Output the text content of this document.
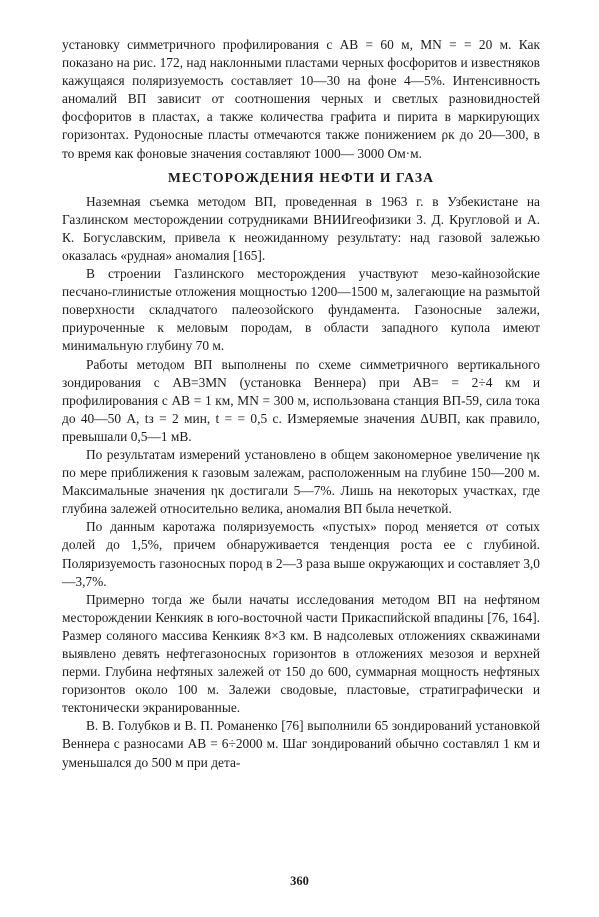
установку симметричного профилирования с AB = 60 м, MN = = 20 м. Как показано на рис. 172, над наклонными пластами черных фосфоритов и известняков кажущаяся поляризуемость составляет 10—30 на фоне 4—5%. Интенсивность аномалий ВП зависит от соотношения черных и светлых разновидностей фосфоритов в пластах, а также количества графита и пирита в маркирующих горизонтах. Рудоносные пласты отмечаются также понижением ρк до 20—300, в то время как фоновые значения составляют 1000— 3000 Ом·м.

МЕСТОРОЖДЕНИЯ НЕФТИ И ГАЗА

Наземная съемка методом ВП, проведенная в 1963 г. в Узбекистане на Газлинском месторождении сотрудниками ВНИИгеофизики З. Д. Кругловой и А. К. Богуславским, привела к неожиданному результату: над газовой залежью оказалась «рудная» аномалия [165].

В строении Газлинского месторождения участвуют мезо-кайнозойские песчано-глинистые отложения мощностью 1200—1500 м, залегающие на размытой поверхности складчатого палеозойского фундамента. Газоносные залежи, приуроченные к меловым породам, в области западного купола имеют минимальную глубину 70 м.

Работы методом ВП выполнены по схеме симметричного вертикального зондирования с AB=3MN (установка Веннера) при AB= = 2÷4 км и профилирования с AB = 1 км, MN = 300 м, использована станция ВП-59, сила тока до 40—50 А, tз = 2 мин, t = = 0,5 с. Измеряемые значения ΔUВП, как правило, превышали 0,5—1 мВ.

По результатам измерений установлено в общем закономерное увеличение ηк по мере приближения к газовым залежам, расположенным на глубине 150—200 м. Максимальные значения ηк достигали 5—7%. Лишь на некоторых участках, где глубина залежей относительно велика, аномалия ВП была нечеткой.

По данным каротажа поляризуемость «пустых» пород меняется от сотых долей до 1,5%, причем обнаруживается тенденция роста ее с глубиной. Поляризуемость газоносных пород в 2—3 раза выше окружающих и составляет 3,0—3,7%.

Примерно тогда же были начаты исследования методом ВП на нефтяном месторождении Кенкияк в юго-восточной части Прикаспийской впадины [76, 164]. Размер соляного массива Кенкияк 8×3 км. В надсолевых отложениях скважинами выявлено девять нефтегазоносных горизонтов в отложениях мезозоя и верхней перми. Глубина нефтяных залежей от 150 до 600, суммарная мощность нефтяных горизонтов около 100 м. Залежи сводовые, пластовые, стратиграфически и тектонически экранированные.

В. В. Голубков и В. П. Романенко [76] выполнили 65 зондирований установкой Веннера с разносами AB = 6÷2000 м. Шаг зондирований обычно составлял 1 км и уменьшался до 500 м при дета-

360
